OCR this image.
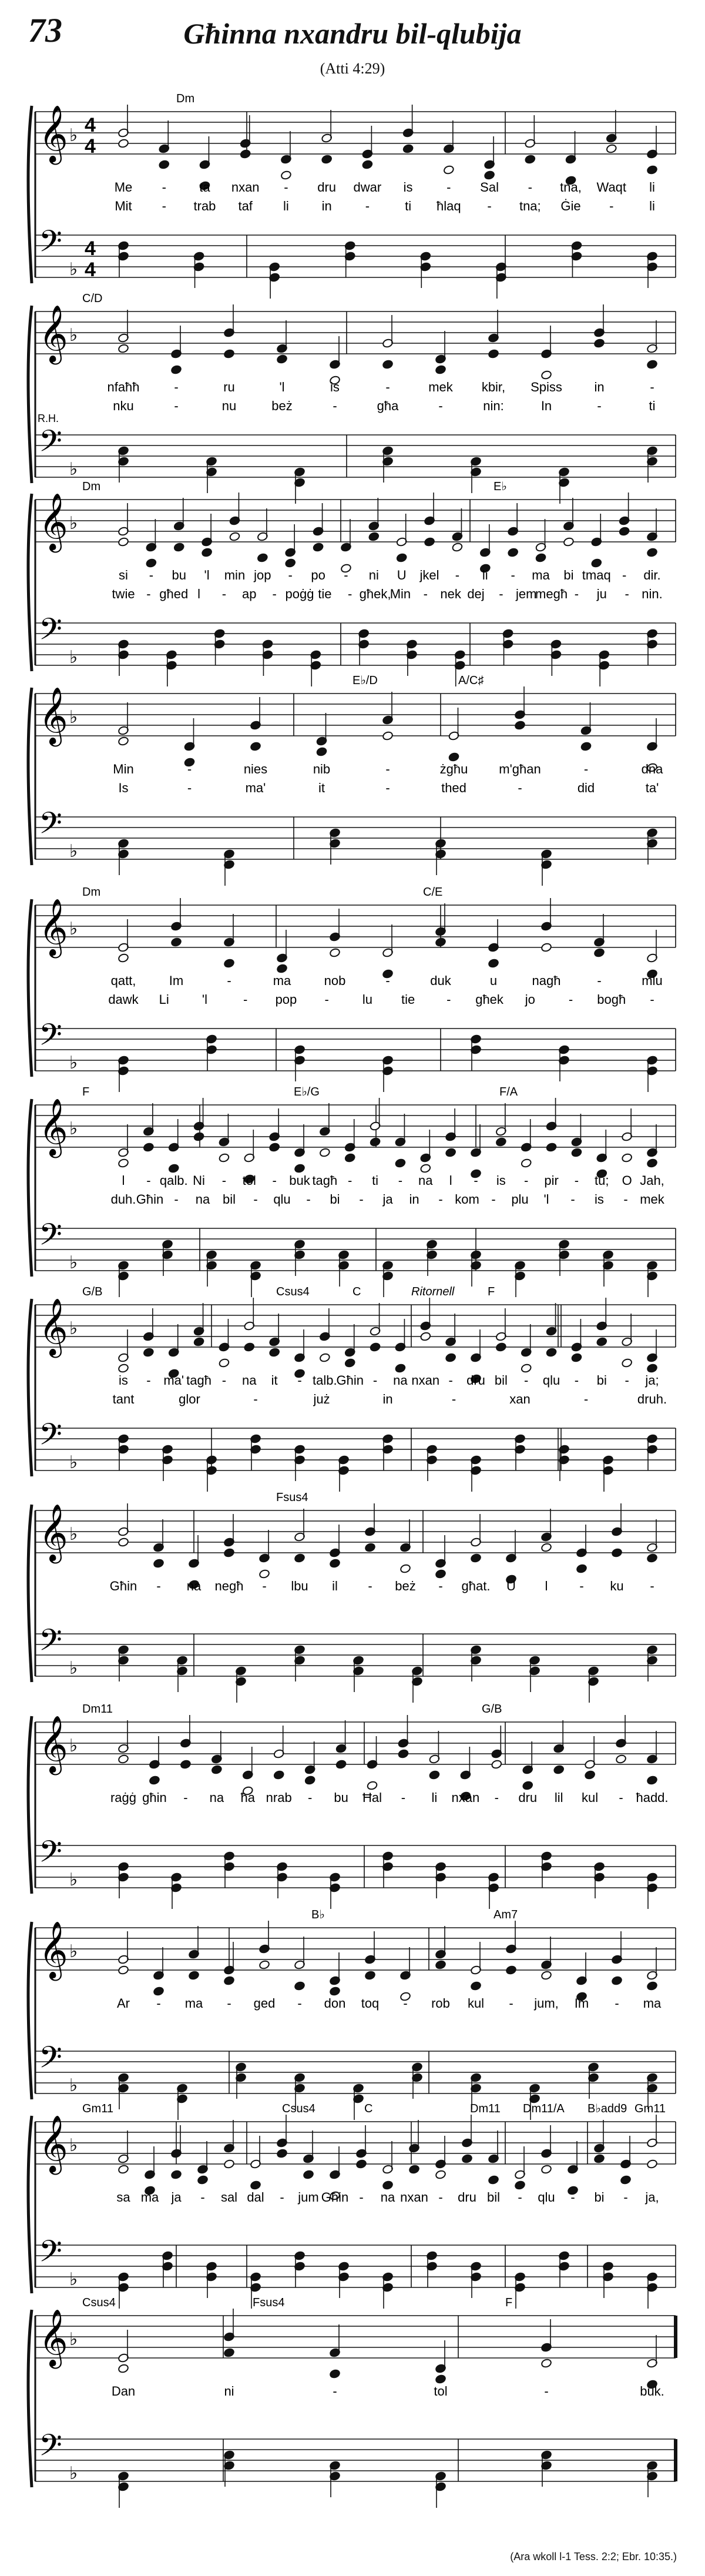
73	Għinna nxandru bil-qlubija
(Atti 4:29)
𝄞 ♭ 4
4
𝄢
♭
4
4
Dm
Me -	ta nxan - dru dwar is	- Sal - tna, Waqt li
Mit - trab taf li	in	-	ti ħlaq - tna; Ġie -	li
𝄞 ♭
𝄢
♭
C/D
R.H.
nfaħħ	-	ru	'l	is	-	mek kbir, Spiss in	-
nku	-	nu	beż	-	għa	-	nin:	In	-	ti
𝄞 ♭
𝄢
♭
Dm	E♭
si - bu 'l min jop - po - ni U jkel - li - ma bi tmaq - dir.
twie - għed l - ap - poġġ tie - għek,
Min - nek dej - jem
megħ - ju - nin.
𝄞 ♭
𝄢
♭
E♭/D	A/C♯
Min	-	nies	nib	-	żgħu m'għan	-	dna
Is	-	ma'	it	-	thed	-	did	ta'
𝄞 ♭
𝄢
♭
Dm	C/E
qatt,	Im	-	ma	nob	-	duk	u	nagħ	-	mlu
dawk Li	'l	- pop -	lu tie - għek jo	- bogħ -
𝄞 ♭
𝄢
♭
F	E♭/G	F/A
l - qalb. Ni - tol - buk tagħ - ti - na l - is - pir - tu; O Jah,
duh. Għin - na bil - qlu - bi - ja in - kom - plu 'l - is - mek
𝄞 ♭
𝄢
♭
G/B	Csus4	C	F
Ritornell
is - ma' tagħ - na it - talb.
Għin - na nxan - dru bil - qlu - bi - ja;
tant	glor	-	już	in	-	xan	-	druh.
𝄞 ♭
𝄢
♭
Fsus4
Għin - na negħ - lbu il - beż - għat. U l - ku -
𝄞 ♭
𝄢
♭
Dm11	G/B
raġġ għin - na ħa nrab - bu Ħal - li nxan - dru lil kul - ħadd.
𝄞 ♭
𝄢
♭
B♭	Am7
Ar - ma - ged - don toq - rob kul - jum, Im - ma
𝄞 ♭
𝄢
♭
Gm11	Csus4	C	Dm11 Dm11/A B♭add9 Gm11
sa ma ja - sal dal - jum Għin - na nxan - dru bil - qlu - bi - ja,
𝄞 ♭
𝄢
♭
Csus4	Fsus4	F
Dan	ni	-	tol	-	buk.
(Ara wkoll l-1 Tess. 2:2; Ebr. 10:35.)
